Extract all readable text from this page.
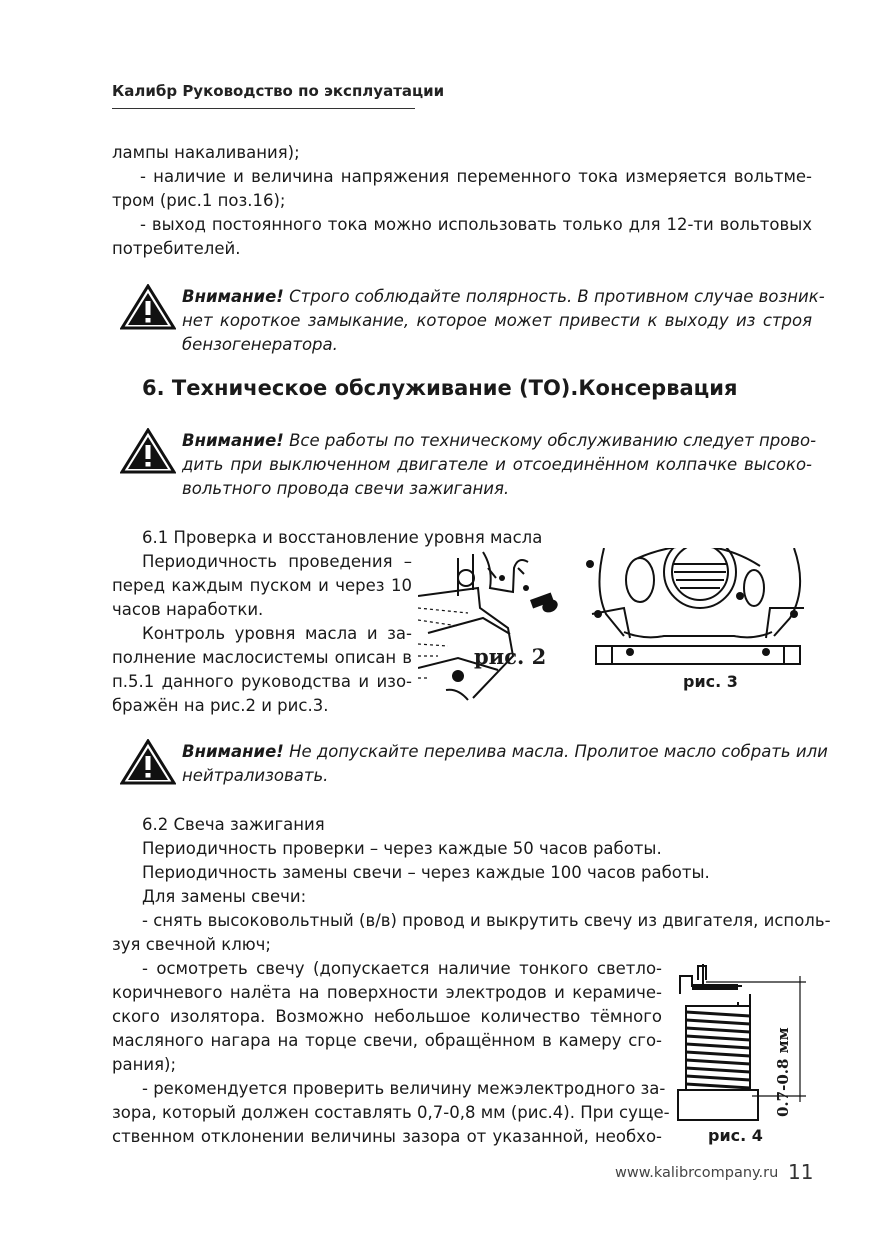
Калибр Руководство по эксплуатации
лампы накаливания);
- наличие и величина напряжения переменного тока измеряется вольтме-
тром (рис.1 поз.16);
- выход постоянного тока можно использовать только для 12-ти вольтовых
потребителей.
Внимание! Строго соблюдайте полярность. В противном случае возник-
нет короткое замыкание, которое может привести к выходу из строя
бензогенератора.
6. Техническое обслуживание (ТО).Консервация
Внимание! Все работы по техническому обслуживанию следует прово-
дить при выключенном двигателе и отсоединённом колпачке высоко-
вольтного провода свечи зажигания.
6.1 Проверка и восстановление уровня масла
Периодичность проведения –
перед каждым пуском и через 10
часов наработки.
Контроль уровня масла и за-
полнение маслосистемы описан в
п.5.1 данного руководства и изо-
бражён на рис.2 и рис.3.
рис. 2
рис. 3
Внимание! Не допускайте перелива масла. Пролитое масло собрать или
нейтрализовать.
6.2 Свеча зажигания
Периодичность проверки – через каждые 50 часов работы.
Периодичность замены свечи – через каждые 100 часов работы.
Для замены свечи:
- снять высоковольтный (в/в) провод и выкрутить свечу из двигателя, исполь-
зуя свечной ключ;
- осмотреть свечу (допускается наличие тонкого светло-
коричневого налёта на поверхности электродов и керамиче-
ского изолятора. Возможно небольшое количество тёмного
масляного нагара на торце свечи, обращённом в камеру сго-
рания);
- рекомендуется проверить величину межэлектродного за-
зора, который должен составлять 0,7-0,8 мм (рис.4). При суще-
ственном отклонении величины зазора от указанной, необхо-
0.7-0.8 мм
рис. 4
www.kalibrcompany.ru 11
